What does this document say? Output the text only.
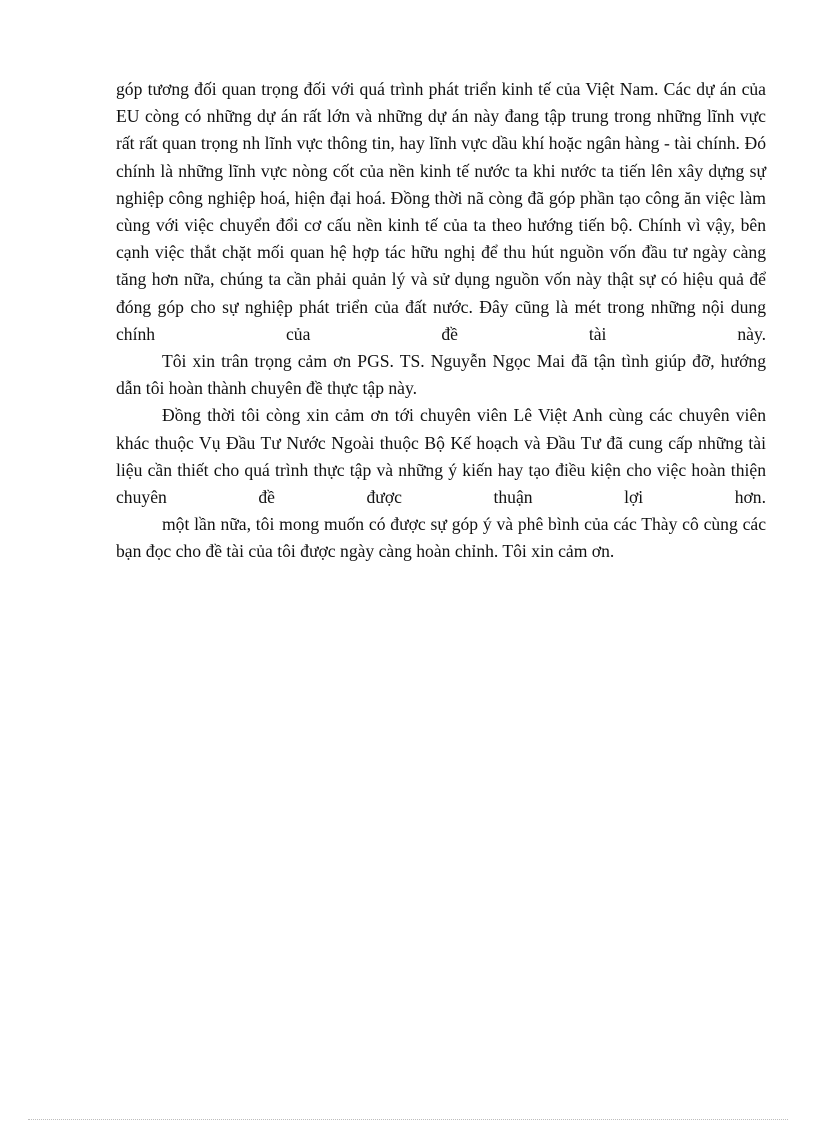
góp tương đối quan trọng đối với quá trình phát triển kinh tế của Việt Nam. Các dự án của EU còng có những dự án rất lớn và những dự án này đang tập trung trong những lĩnh vực rất rất quan trọng nh lĩnh vực thông tin, hay lĩnh vực dầu khí hoặc ngân hàng - tài chính. Đó chính là những lĩnh vực nòng cốt của nền kinh tế nước ta khi nước ta tiến lên xây dựng sự nghiệp công nghiệp hoá, hiện đại hoá. Đồng thời nã còng đã góp phần tạo công ăn việc làm cùng với việc chuyển đổi cơ cấu nền kinh tế của ta theo hướng tiến bộ. Chính vì vậy, bên cạnh việc thắt chặt mối quan hệ hợp tác hữu nghị để thu hút nguồn vốn đầu tư ngày càng tăng hơn nữa, chúng ta cần phải quản lý và sử dụng nguồn vốn này thật sự có hiệu quả để đóng góp cho sự nghiệp phát triển của đất nước. Đây cũng là mét trong những nội dung chính của đề tài này.

Tôi xin trân trọng cảm ơn PGS. TS. Nguyễn Ngọc Mai đã tận tình giúp đỡ, hướng dẫn tôi hoàn thành chuyên đề thực tập này.

Đồng thời tôi còng xin cảm ơn tới chuyên viên Lê Việt Anh cùng các chuyên viên khác thuộc Vụ Đầu Tư Nước Ngoài thuộc Bộ Kế hoạch và Đầu Tư đã cung cấp những tài liệu cần thiết cho quá trình thực tập và những ý kiến hay tạo điều kiện cho việc hoàn thiện chuyên đề được thuận lợi hơn.

một lần nữa, tôi mong muốn có được sự góp ý và phê bình của các Thày cô cùng các bạn đọc cho đề tài của tôi được ngày càng hoàn chỉnh. Tôi xin cảm ơn.
